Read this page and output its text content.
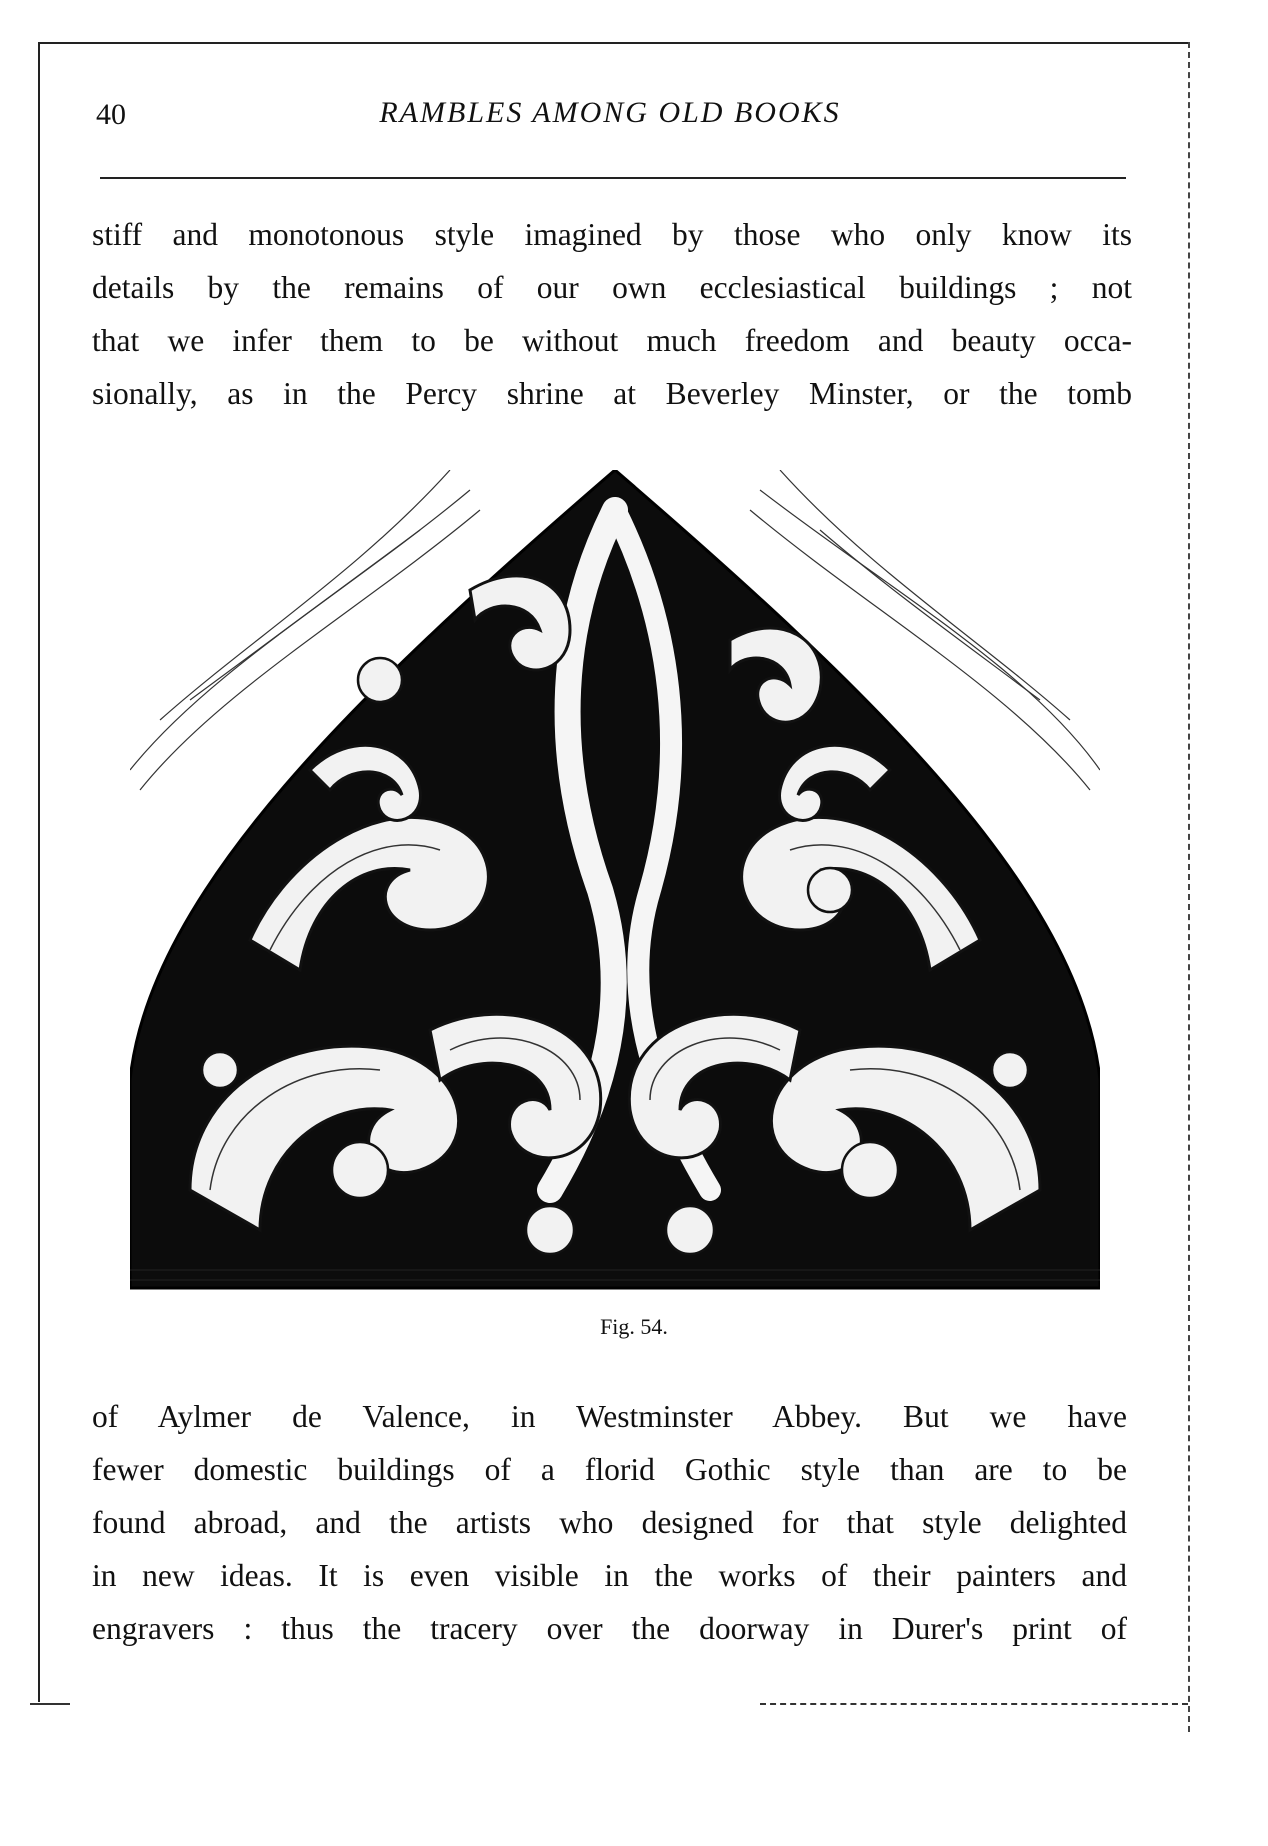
40	RAMBLES AMONG OLD BOOKS
stiff and monotonous style imagined by those who only know its
details by the remains of our own ecclesiastical buildings ; not
that we infer them to be without much freedom and beauty occa-
sionally, as in the Percy shrine at Beverley Minster, or the tomb
Fig. 54.
of Aylmer de Valence, in Westminster Abbey. But we have
fewer domestic buildings of a florid Gothic style than are to be
found abroad, and the artists who designed for that style delighted
in new ideas. It is even visible in the works of their painters and
engravers : thus the tracery over the doorway in Durer's print of
